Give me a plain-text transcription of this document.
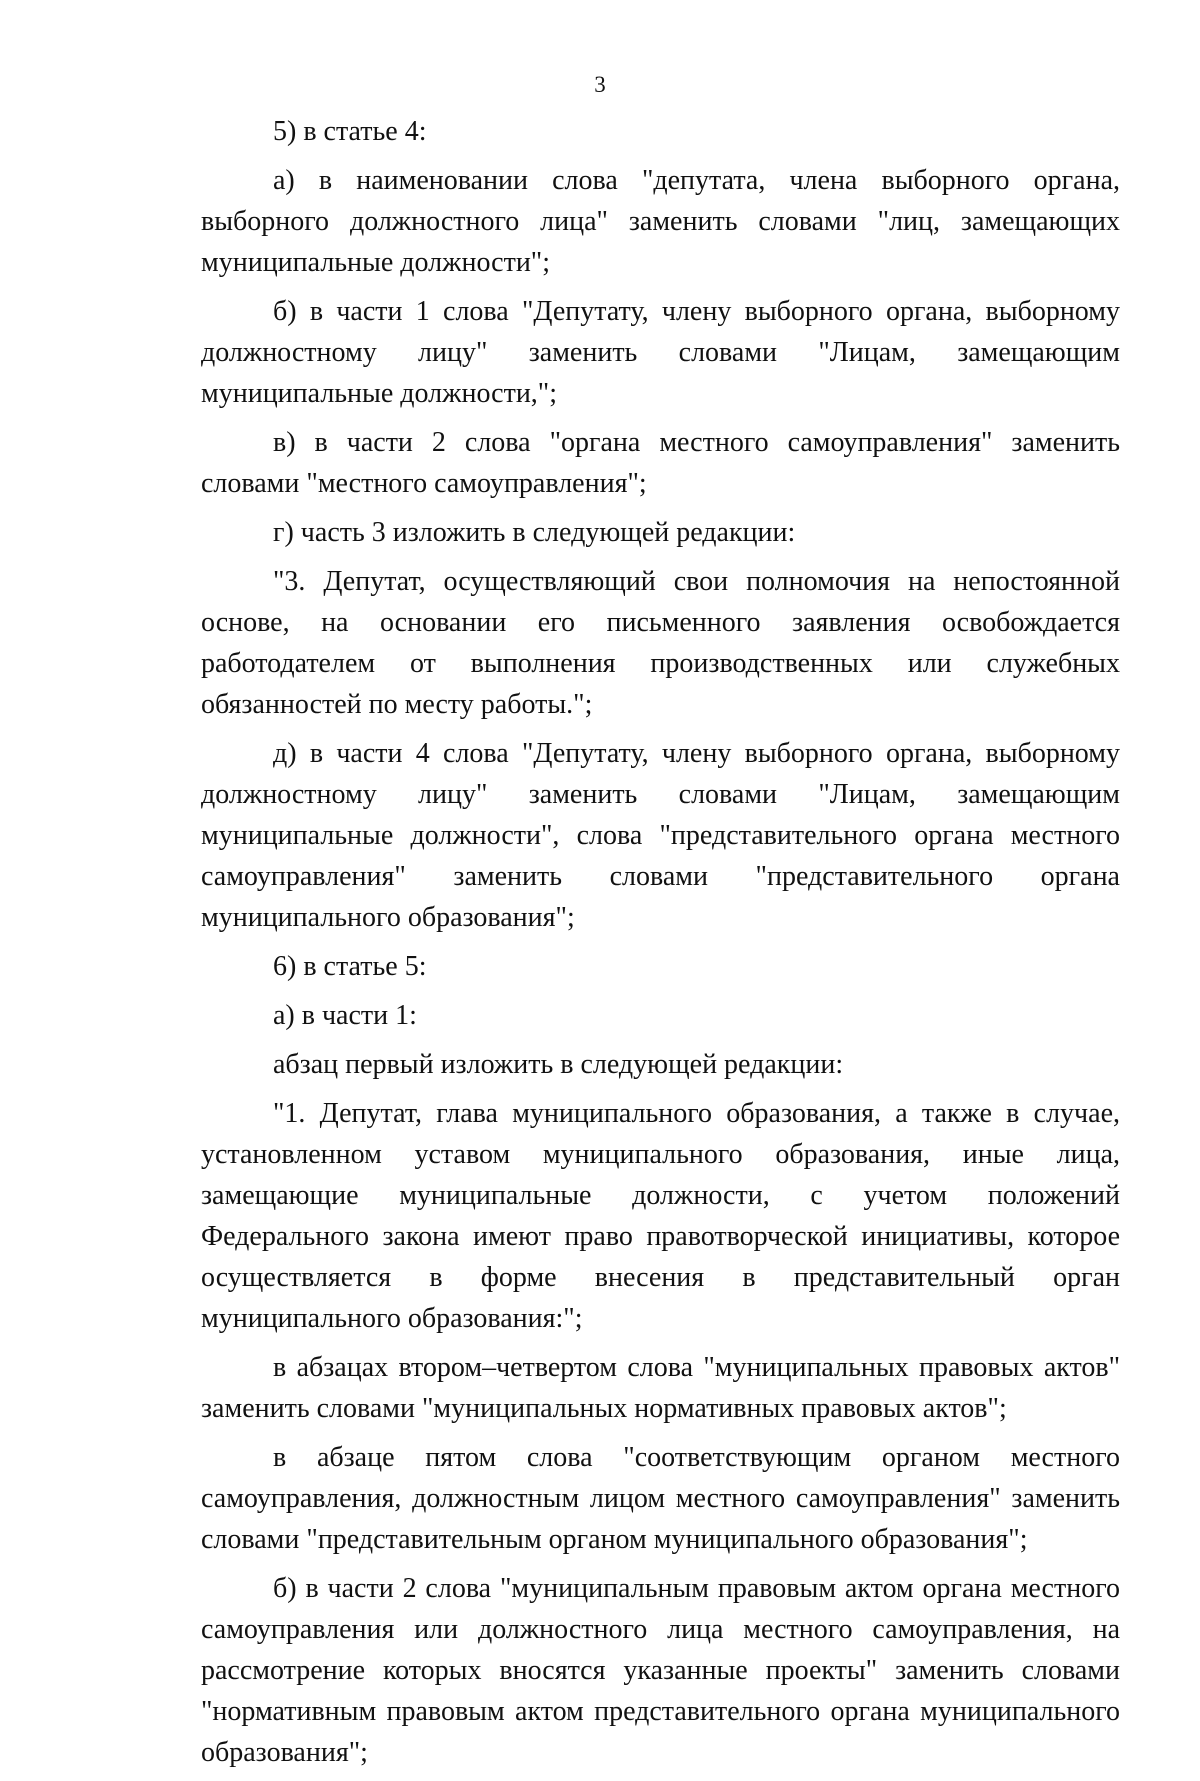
3

5) в статье 4:

а) в наименовании слова "депутата, члена выборного органа, выборного должностного лица" заменить словами "лиц, замещающих муниципальные должности";

б) в части 1 слова "Депутату, члену выборного органа, выборному должностному лицу" заменить словами "Лицам, замещающим муниципальные должности,";

в) в части 2 слова "органа местного самоуправления" заменить словами "местного самоуправления";

г) часть 3 изложить в следующей редакции:

"3. Депутат, осуществляющий свои полномочия на непостоянной основе, на основании его письменного заявления освобождается работодателем от выполнения производственных или служебных обязанностей по месту работы.";

д) в части 4 слова "Депутату, члену выборного органа, выборному должностному лицу" заменить словами "Лицам, замещающим муниципальные должности", слова "представительного органа местного самоуправления" заменить словами "представительного органа муниципального образования";

6) в статье 5:

а) в части 1:

абзац первый изложить в следующей редакции:

"1. Депутат, глава муниципального образования, а также в случае, установленном уставом муниципального образования, иные лица, замещающие муниципальные должности, с учетом положений Федерального закона имеют право правотворческой инициативы, которое осуществляется в форме внесения в представительный орган муниципального образования:";

в абзацах втором–четвертом слова "муниципальных правовых актов" заменить словами "муниципальных нормативных правовых актов";

в абзаце пятом слова "соответствующим органом местного самоуправления, должностным лицом местного самоуправления" заменить словами "представительным органом муниципального образования";

б) в части 2 слова "муниципальным правовым актом органа местного самоуправления или должностного лица местного самоуправления, на рассмотрение которых вносятся указанные проекты" заменить словами "нормативным правовым актом представительного органа муниципального образования";
